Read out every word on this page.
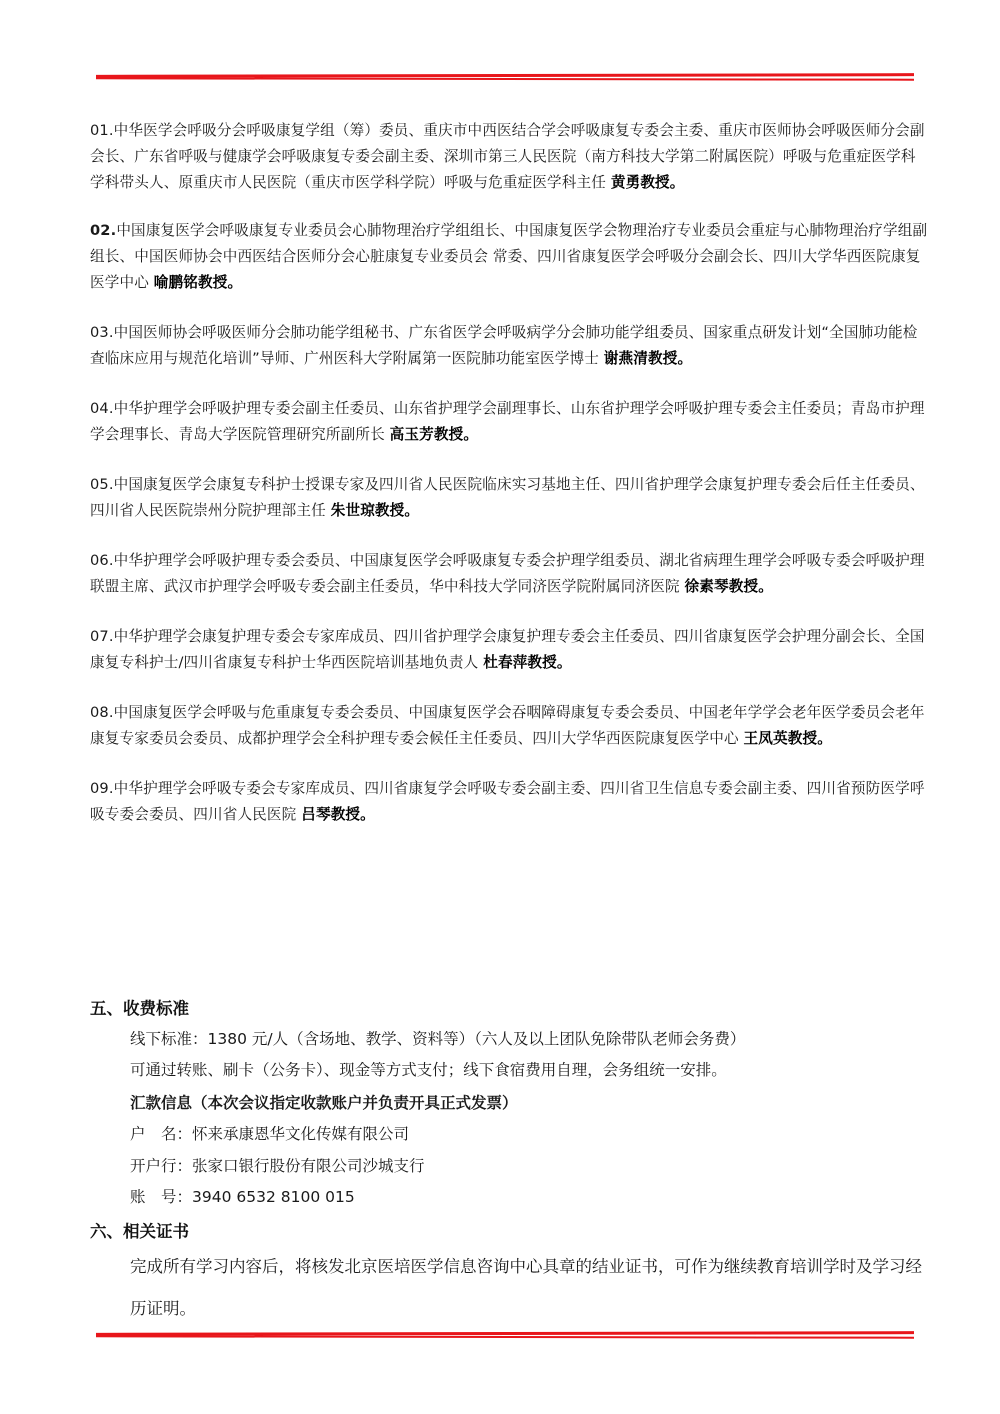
01.中华医学会呼吸分会呼吸康复学组（筹）委员、重庆市中西医结合学会呼吸康复专委会主委、重庆市医师协会呼吸医师分会副会长、广东省呼吸与健康学会呼吸康复专委会副主委、深圳市第三人民医院（南方科技大学第二附属医院）呼吸与危重症医学科学科带头人、原重庆市人民医院（重庆市医学科学院）呼吸与危重症医学科主任 黄勇教授。

02.中国康复医学会呼吸康复专业委员会心肺物理治疗学组组长、中国康复医学会物理治疗专业委员会重症与心肺物理治疗学组副组长、中国医师协会中西医结合医师分会心脏康复专业委员会 常委、四川省康复医学会呼吸分会副会长、四川大学华西医院康复医学中心 喻鹏铭教授。

03.中国医师协会呼吸医师分会肺功能学组秘书、广东省医学会呼吸病学分会肺功能学组委员、国家重点研发计划“全国肺功能检查临床应用与规范化培训”导师、广州医科大学附属第一医院肺功能室医学博士 谢燕清教授。

04.中华护理学会呼吸护理专委会副主任委员、山东省护理学会副理事长、山东省护理学会呼吸护理专委会主任委员；青岛市护理学会理事长、青岛大学医院管理研究所副所长 高玉芳教授。

05.中国康复医学会康复专科护士授课专家及四川省人民医院临床实习基地主任、四川省护理学会康复护理专委会后任主任委员、四川省人民医院崇州分院护理部主任 朱世琼教授。

06.中华护理学会呼吸护理专委会委员、中国康复医学会呼吸康复专委会护理学组委员、湖北省病理生理学会呼吸专委会呼吸护理联盟主席、武汉市护理学会呼吸专委会副主任委员，华中科技大学同济医学院附属同济医院 徐素琴教授。

07.中华护理学会康复护理专委会专家库成员、四川省护理学会康复护理专委会主任委员、四川省康复医学会护理分副会长、全国康复专科护士/四川省康复专科护士华西医院培训基地负责人 杜春萍教授。

08.中国康复医学会呼吸与危重康复专委会委员、中国康复医学会吞咽障碍康复专委会委员、中国老年学学会老年医学委员会老年康复专家委员会委员、成都护理学会全科护理专委会候任主任委员、四川大学华西医院康复医学中心 王凤英教授。

09.中华护理学会呼吸专委会专家库成员、四川省康复学会呼吸专委会副主委、四川省卫生信息专委会副主委、四川省预防医学呼吸专委会委员、四川省人民医院 吕琴教授。

五、收费标准
线下标准：1380 元/人（含场地、教学、资料等）（六人及以上团队免除带队老师会务费）
可通过转账、刷卡（公务卡）、现金等方式支付；线下食宿费用自理，会务组统一安排。
汇款信息（本次会议指定收款账户并负责开具正式发票）
户　名：怀来承康恩华文化传媒有限公司
开户行：张家口银行股份有限公司沙城支行
账　号：3940 6532 8100 015
六、相关证书
完成所有学习内容后，将核发北京医培医学信息咨询中心具章的结业证书，可作为继续教育培训学时及学习经历证明。
